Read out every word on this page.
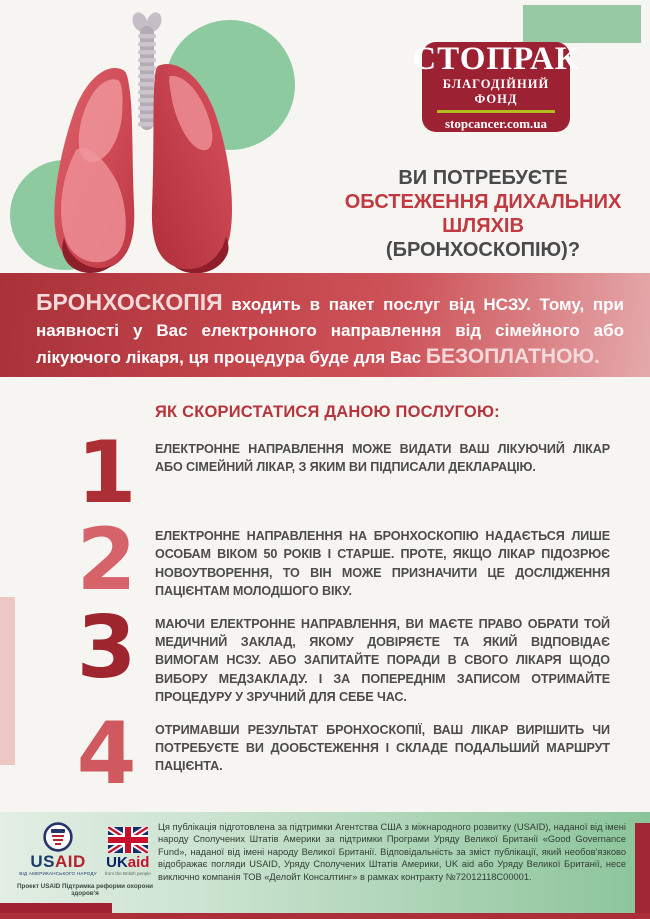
СТОПРАК
БЛАГОДІЙНИЙ ФОНД
stopcancer.com.ua
ВИ ПОТРЕБУЄТЕ
ОБСТЕЖЕННЯ ДИХАЛЬНИХ ШЛЯХІВ
(БРОНХОСКОПІЮ)?
БРОНХОСКОПІЯ входить в пакет послуг від НСЗУ. Тому, при наявності у Вас електронного направлення від сімейного або лікуючого лікаря, ця процедура буде для Вас БЕЗОПЛАТНОЮ.
ЯК СКОРИСТАТИСЯ ДАНОЮ ПОСЛУГОЮ:
1	ЕЛЕКТРОННЕ НАПРАВЛЕННЯ МОЖЕ ВИДАТИ ВАШ ЛІКУЮЧИЙ ЛІКАР АБО СІМЕЙНИЙ ЛІКАР, З ЯКИМ ВИ ПІДПИСАЛИ ДЕКЛАРАЦІЮ.
2	ЕЛЕКТРОННЕ НАПРАВЛЕННЯ НА БРОНХОСКОПІЮ НАДАЄТЬСЯ ЛИШЕ ОСОБАМ ВІКОМ 50 РОКІВ І СТАРШЕ. ПРОТЕ, ЯКЩО ЛІКАР ПІДОЗРЮЄ НОВОУТВОРЕННЯ, ТО ВІН МОЖЕ ПРИЗНАЧИТИ ЦЕ ДОСЛІДЖЕННЯ ПАЦІЄНТАМ МОЛОДШОГО ВІКУ.
3	МАЮЧИ ЕЛЕКТРОННЕ НАПРАВЛЕННЯ, ВИ МАЄТЕ ПРАВО ОБРАТИ ТОЙ МЕДИЧНИЙ ЗАКЛАД, ЯКОМУ ДОВІРЯЄТЕ ТА ЯКИЙ ВІДПОВІДАЄ ВИМОГАМ НСЗУ. АБО ЗАПИТАЙТЕ ПОРАДИ В СВОГО ЛІКАРЯ ЩОДО ВИБОРУ МЕДЗАКЛАДУ. І ЗА ПОПЕРЕДНІМ ЗАПИСОМ ОТРИМАЙТЕ ПРОЦЕДУРУ У ЗРУЧНИЙ ДЛЯ СЕБЕ ЧАС.
4	ОТРИМАВШИ РЕЗУЛЬТАТ БРОНХОСКОПІЇ, ВАШ ЛІКАР ВИРІШИТЬ ЧИ ПОТРЕБУЄТЕ ВИ ДООБСТЕЖЕННЯ І СКЛАДЕ ПОДАЛЬШИЙ МАРШРУТ ПАЦІЄНТА.
USAID
ВІД АМЕРИКАНСЬКОГО НАРОДУ
UKaid
from the British people
Проект USAID Підтримка реформи охорони здоров'я
Ця публікація підготовлена за підтримки Агентства США з міжнародного розвитку (USAID), наданої від імені народу Сполучених Штатів Америки за підтримки Програми Уряду Великої Британії «Good Governance Fund», наданої від імені народу Великої Британії. Відповідальність за зміст публікації, який необов'язково відображає погляди USAID, Уряду Сполучених Штатів Америки, UK aid або Уряду Великої Британії, несе виключно компанія ТОВ «Делойт Консалтинг» в рамках контракту №72012118C00001.
